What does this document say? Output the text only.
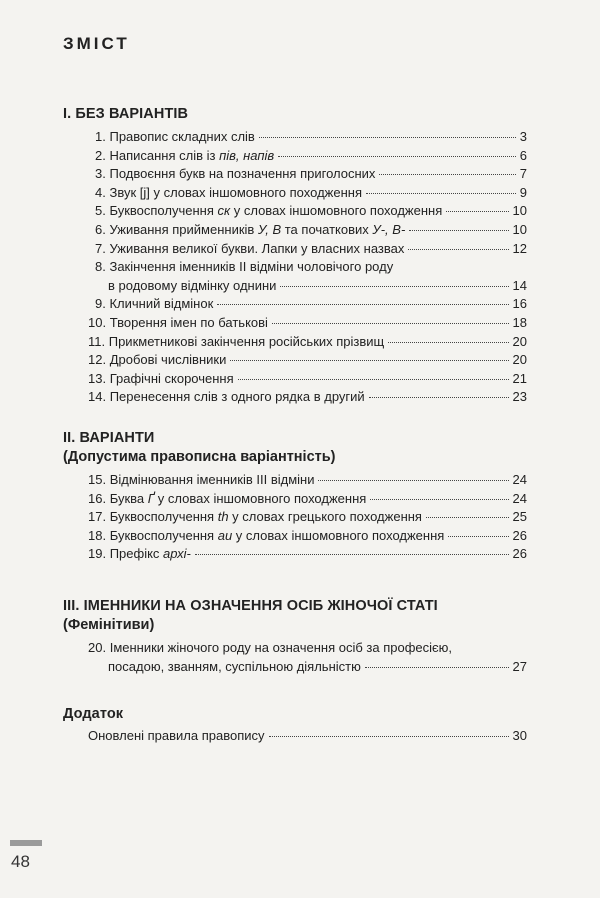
ЗМІСТ
І. БЕЗ ВАРІАНТІВ
1. Правопис складних слів	3
2. Написання слів із пів, напів	6
3. Подвоєння букв на позначення приголосних	7
4. Звук [j] у словах іншомовного походження	9
5. Буквосполучення ск у словах іншомовного походження	10
6. Уживання прийменників У, В та початкових У-, В-	10
7. Уживання великої букви. Лапки у власних назвах	12
8. Закінчення іменників ІІ відміни чоловічого роду
в родовому відмінку однини	14
9. Кличний відмінок	16
10. Творення імен по батькові	18
11. Прикметникові закінчення російських прізвищ	20
12. Дробові числівники	20
13. Графічні скорочення	21
14. Перенесення слів з одного рядка в другий	23
ІІ. ВАРІАНТИ
(Допустима правописна варіантність)
15. Відмінювання іменників ІІІ відміни	24
16. Буква Ґ у словах іншомовного походження	24
17. Буквосполучення th у словах грецького походження	25
18. Буквосполучення au у словах іншомовного походження	26
19. Префікс архі-	26
ІІІ. ІМЕННИКИ НА ОЗНАЧЕННЯ ОСІБ ЖІНОЧОЇ СТАТІ
(Фемінітиви)
20. Іменники жіночого роду на означення осіб за професією,
посадою, званням, суспільною діяльністю	27
Додаток
Оновлені правила правопису	30
48
